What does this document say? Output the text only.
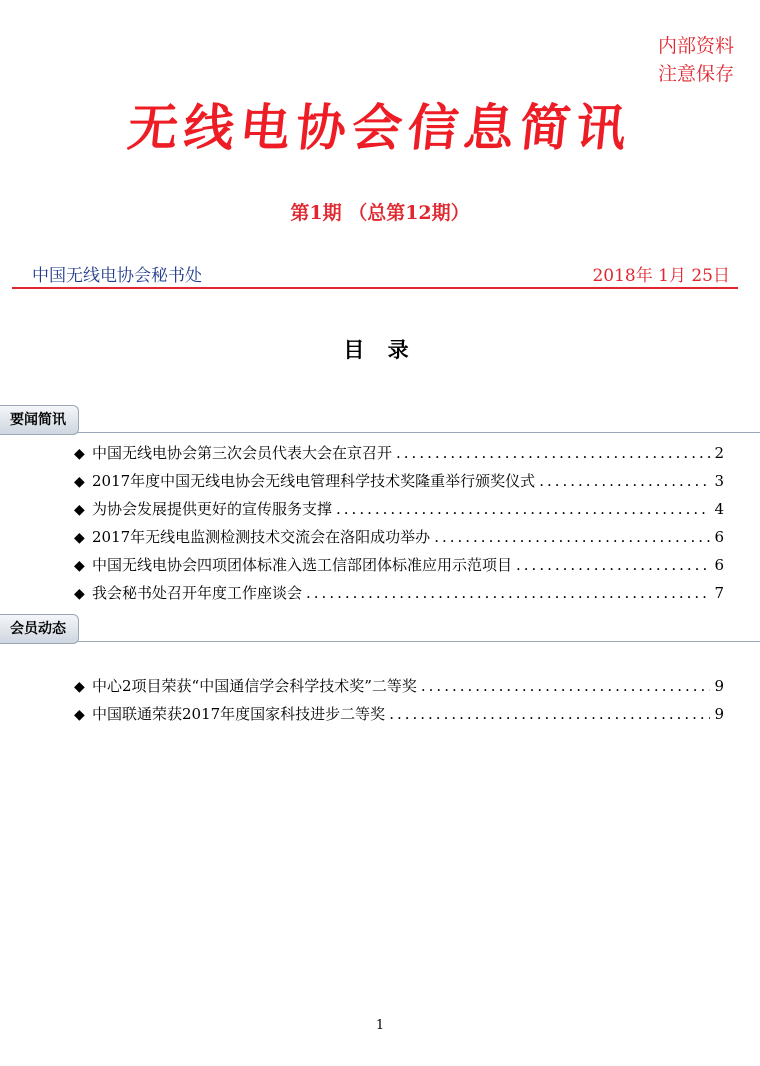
内部资料
注意保存
无线电协会信息简讯
第1期 （总第12期）
中国无线电协会秘书处	2018年 1月 25日
目 录
要闻简讯
◆ 中国无线电协会第三次会员代表大会在京召开 .....	2
◆ 2017年度中国无线电协会无线电管理科学技术奖隆重举行颁奖仪式 .....	3
◆ 为协会发展提供更好的宣传服务支撑 .....	4
◆ 2017年无线电监测检测技术交流会在洛阳成功举办 .....	6
◆ 中国无线电协会四项团体标准入选工信部团体标准应用示范项目 .....	6
◆ 我会秘书处召开年度工作座谈会 .....	7
会员动态
◆ 中心2项目荣获“中国通信学会科学技术奖”二等奖 .....	9
◆ 中国联通荣获2017年度国家科技进步二等奖 .....	9
1
